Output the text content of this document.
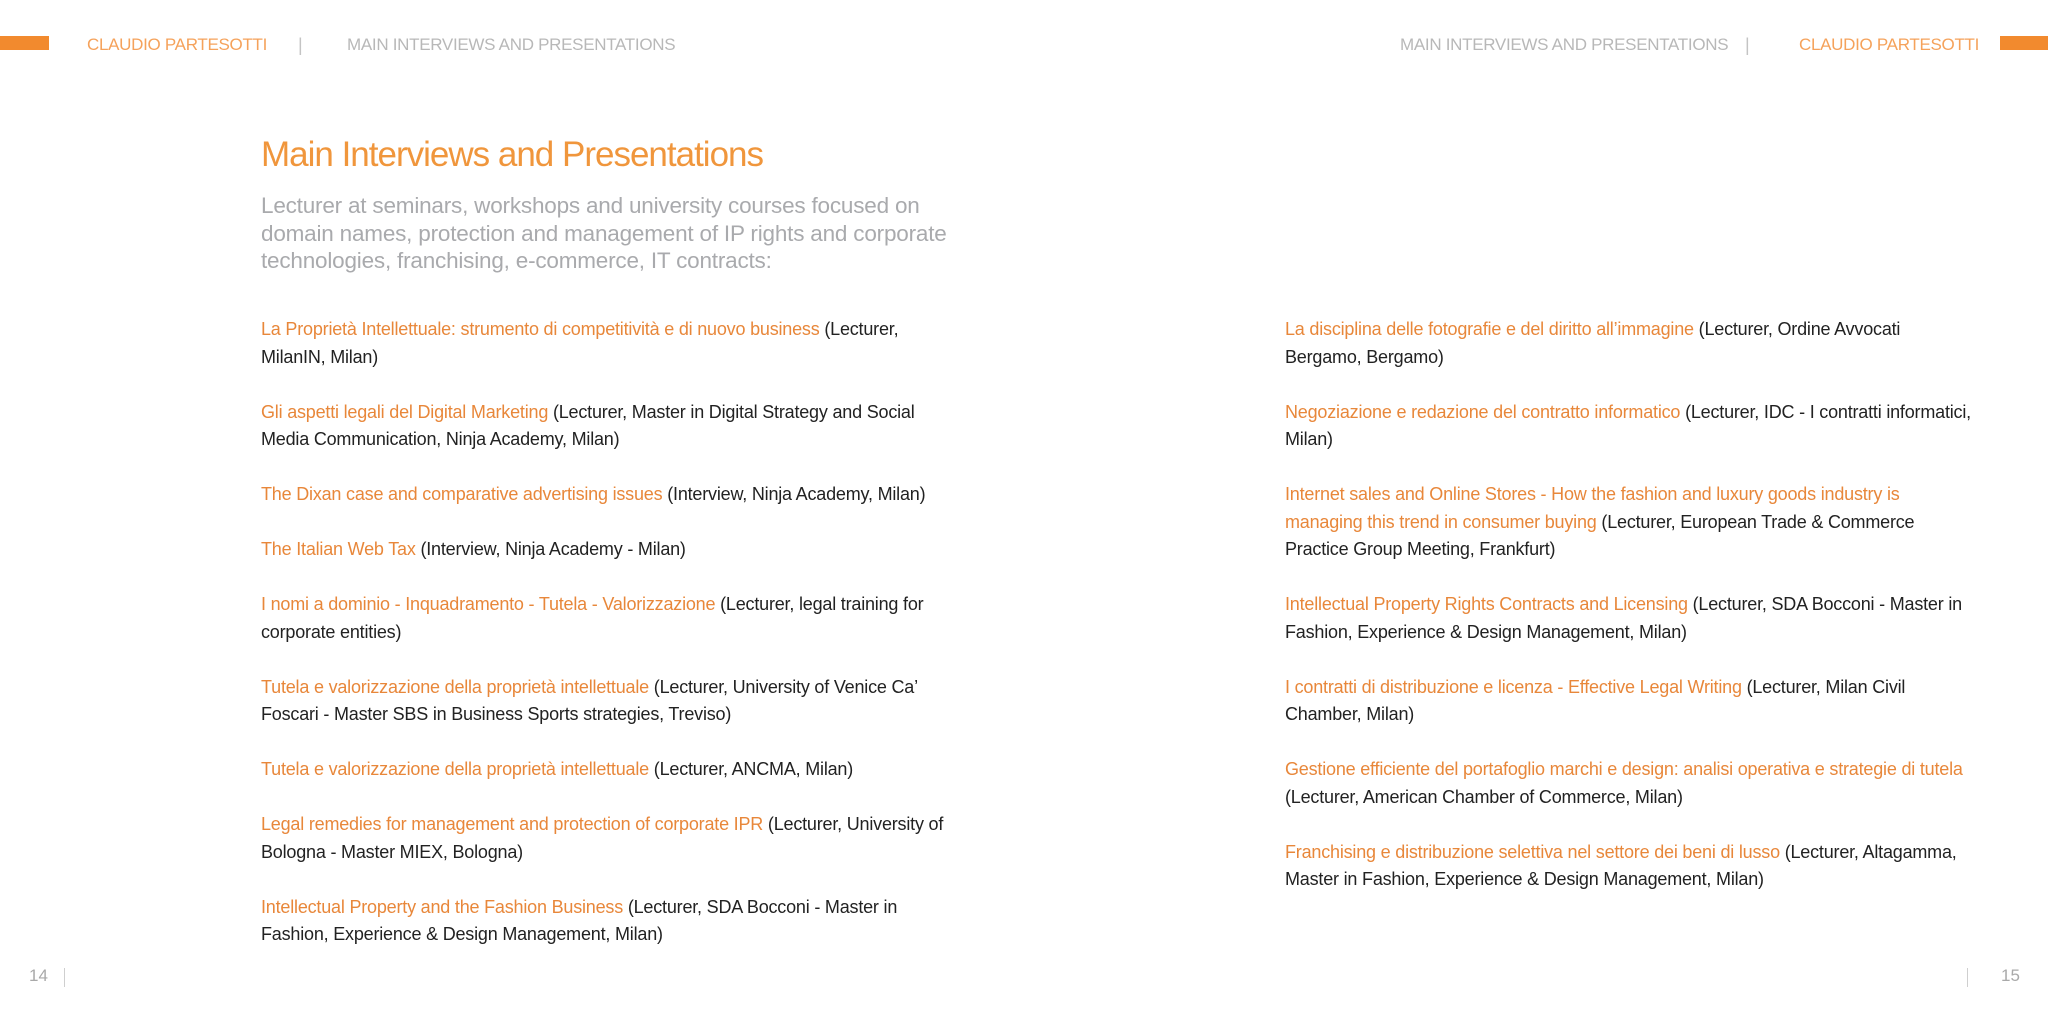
CLAUDIO PARTESOTTI |	MAIN INTERVIEWS AND PRESENTATIONS
Main Interviews and Presentations
Lecturer at seminars, workshops and university courses focused on domain names, protection and management of IP rights and corporate technologies, franchising, e-commerce, IT contracts:

La Proprietà Intellettuale: strumento di competitività e di nuovo business (Lecturer, MilanIN, Milan)

Gli aspetti legali del Digital Marketing (Lecturer, Master in Digital Strategy and Social Media Communication, Ninja Academy, Milan)

The Dixan case and comparative advertising issues (Interview, Ninja Academy, Milan)

The Italian Web Tax (Interview, Ninja Academy - Milan)

I nomi a dominio - Inquadramento - Tutela - Valorizzazione (Lecturer, legal training for corporate entities)

Tutela e valorizzazione della proprietà intellettuale (Lecturer, University of Venice Ca’ Foscari - Master SBS in Business Sports strategies, Treviso)

Tutela e valorizzazione della proprietà intellettuale (Lecturer, ANCMA, Milan)

Legal remedies for management and protection of corporate IPR (Lecturer, University of Bologna - Master MIEX, Bologna)

Intellectual Property and the Fashion Business (Lecturer, SDA Bocconi - Master in Fashion, Experience & Design Management, Milan)

14
MAIN INTERVIEWS AND PRESENTATIONS |	CLAUDIO PARTESOTTI

La disciplina delle fotografie e del diritto all’immagine (Lecturer, Ordine Avvocati Bergamo, Bergamo)

Negoziazione e redazione del contratto informatico (Lecturer, IDC - I contratti informatici, Milan)

Internet sales and Online Stores - How the fashion and luxury goods industry is managing this trend in consumer buying (Lecturer, European Trade & Commerce Practice Group Meeting, Frankfurt)

Intellectual Property Rights Contracts and Licensing (Lecturer, SDA Bocconi - Master in Fashion, Experience & Design Management, Milan)

I contratti di distribuzione e licenza - Effective Legal Writing (Lecturer, Milan Civil Chamber, Milan)

Gestione efficiente del portafoglio marchi e design: analisi operativa e strategie di tutela (Lecturer, American Chamber of Commerce, Milan)

Franchising e distribuzione selettiva nel settore dei beni di lusso (Lecturer, Altagamma, Master in Fashion, Experience & Design Management, Milan)

15
